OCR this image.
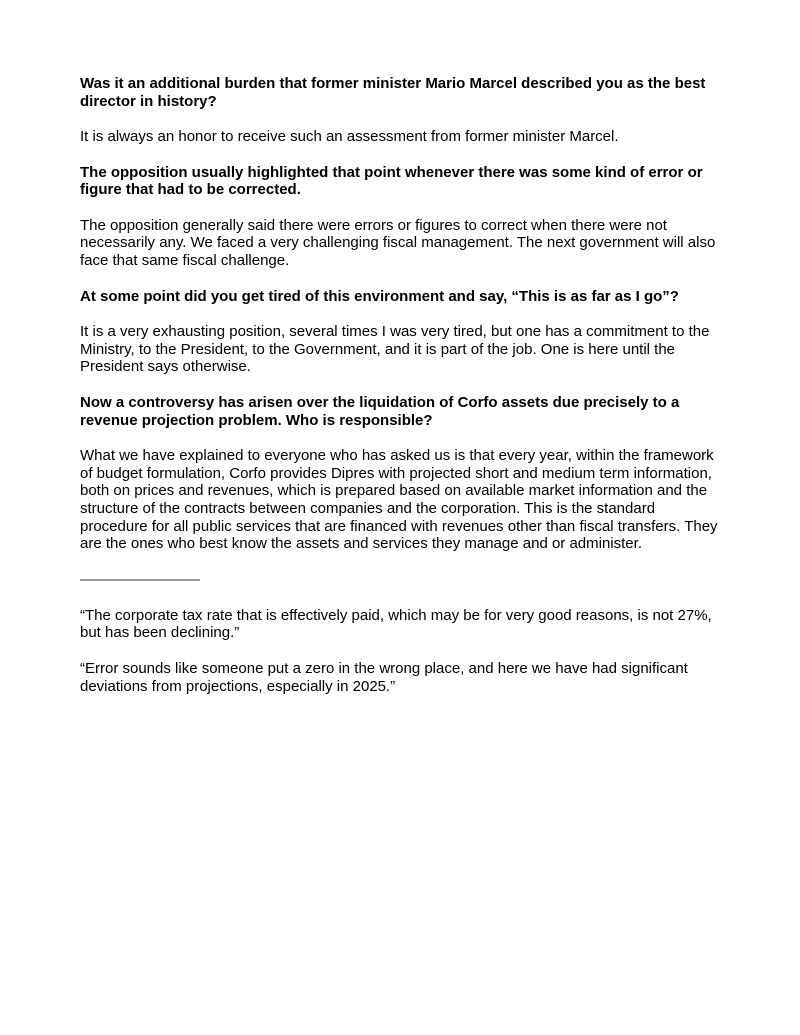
Was it an additional burden that former minister Mario Marcel described you as the best director in history?

It is always an honor to receive such an assessment from former minister Marcel.

The opposition usually highlighted that point whenever there was some kind of error or figure that had to be corrected.

The opposition generally said there were errors or figures to correct when there were not necessarily any. We faced a very challenging fiscal management. The next government will also face that same fiscal challenge.

At some point did you get tired of this environment and say, “This is as far as I go”?

It is a very exhausting position, several times I was very tired, but one has a commitment to the Ministry, to the President, to the Government, and it is part of the job. One is here until the President says otherwise.

Now a controversy has arisen over the liquidation of Corfo assets due precisely to a revenue projection problem. Who is responsible?

What we have explained to everyone who has asked us is that every year, within the framework of budget formulation, Corfo provides Dipres with projected short and medium term information, both on prices and revenues, which is prepared based on available market information and the structure of the contracts between companies and the corporation. This is the standard procedure for all public services that are financed with revenues other than fiscal transfers. They are the ones who best know the assets and services they manage and or administer.

————————

“The corporate tax rate that is effectively paid, which may be for very good reasons, is not 27%, but has been declining.”

“Error sounds like someone put a zero in the wrong place, and here we have had significant deviations from projections, especially in 2025.”
